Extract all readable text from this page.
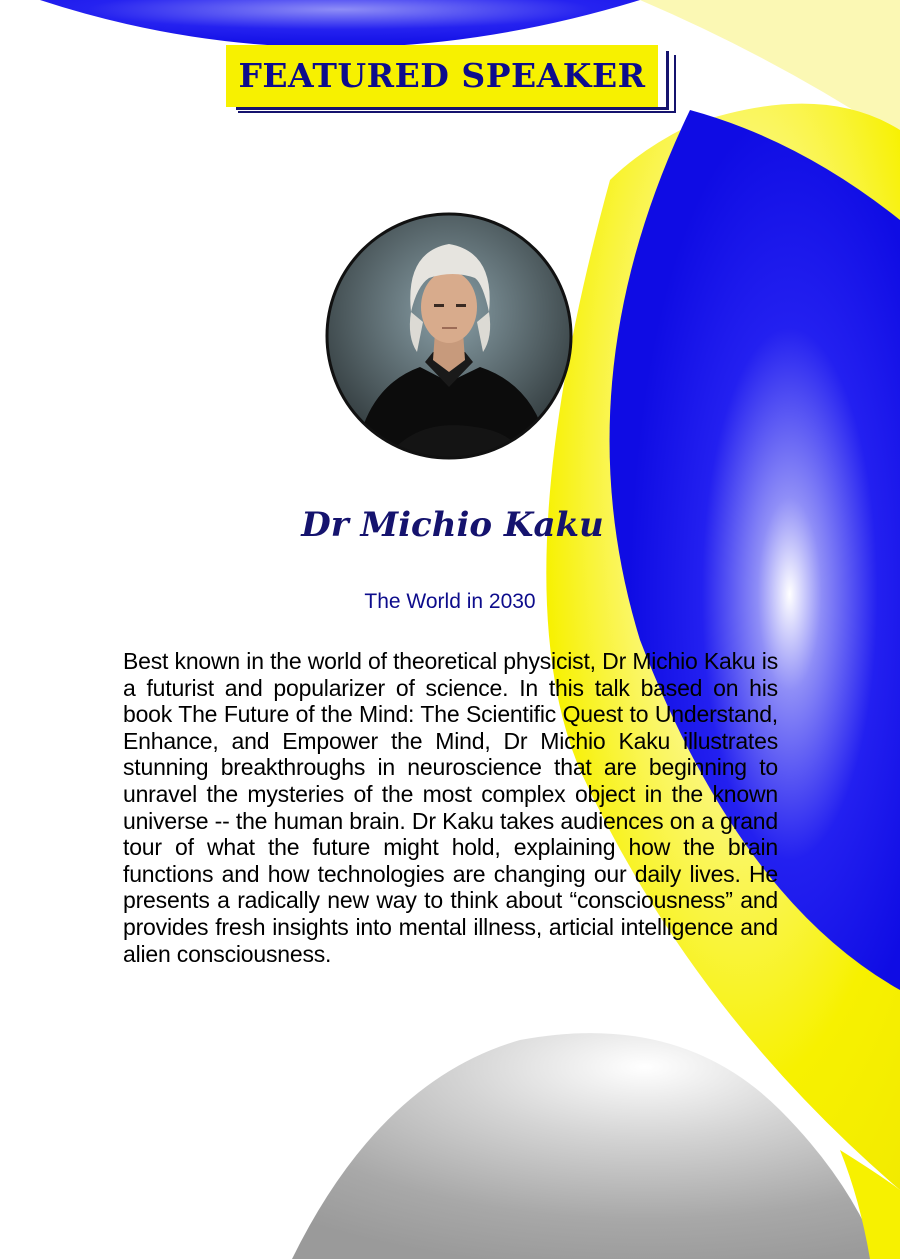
FEATURED SPEAKER
Dr Michio Kaku
The World in 2030
Best known in the world of theoretical physicist, Dr Michio Kaku is a futurist and popularizer of science. In this talk based on his book The Future of the Mind: The Scientific Quest to Understand, Enhance, and Empower the Mind, Dr Michio Kaku illustrates stunning breakthroughs in neuroscience that are beginning to unravel the mysteries of the most complex object in the known universe -- the human brain. Dr Kaku takes audiences on a grand tour of what the future might hold, explaining how the brain functions and how technologies are changing our daily lives. He presents a radically new way to think about “consciousness” and provides fresh insights into mental illness, articial intelligence and alien consciousness.
